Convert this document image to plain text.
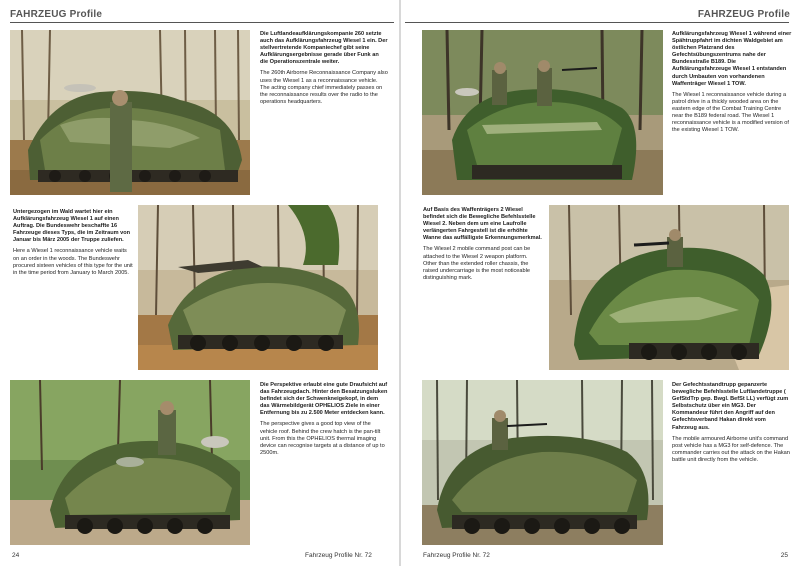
FAHRZEUG Profile

Die Luftlandeaufklärungskompanie 260 setzte auch das Aufklärungsfahrzeug Wiesel 1 ein. Der stellvertretende Kompaniechef gibt seine Aufklärungsergebnisse gerade über Funk an die Operationszentrale weiter.

The 260th Airborne Reconnaissance Company also uses the Wiesel 1 as a reconnaissance vehicle. The acting company chief immediately passes on the reconnaissance results over the radio to the operations headquarters.

Untergezogen im Wald wartet hier ein Aufklärungsfahrzeug Wiesel 1 auf einen Auftrag. Die Bundeswehr beschaffte 16 Fahrzeuge dieses Typs, die im Zeitraum von Januar bis März 2005 der Truppe zuliefen.

Here a Wiesel 1 reconnaissance vehicle waits on an order in the woods. The Bundeswehr procured sixteen vehicles of this type for the unit in the time period from January to March 2005.

Die Perspektive erlaubt eine gute Draufsicht auf das Fahrzeugdach. Hinter den Besatzungsluken befindet sich der Schwenkneigekopf, in dem das Wärmebildgerät OPHELIOS Ziele in einer Entfernung bis zu 2.500 Meter entdecken kann.

The perspective gives a good top view of the vehicle roof. Behind the crew hatch is the pan-tilt unit. From this the OPHELIOS thermal imaging device can recognise targets at a distance of up to 2500m.

24	Fahrzeug Profile Nr. 72
FAHRZEUG Profile

Aufklärungsfahrzeug Wiesel 1 während einer Spähtruppfahrt im dichten Waldgebiet am östlichen Platzrand des Gefechtsübungszentrums nahe der Bundesstraße B189. Die Aufklärungsfahrzeuge Wiesel 1 entstanden durch Umbauten von vorhandenen Waffenträger Wiesel 1 TOW.

The Wiesel 1 reconnaissance vehicle during a patrol drive in a thickly wooded area on the eastern edge of the Combat Training Centre near the B189 federal road. The Wiesel 1 reconnaissance vehicle is a modified version of the existing Wiesel 1 TOW.

Auf Basis des Waffenträgers 2 Wiesel befindet sich die Bewegliche Befehlsstelle Wiesel 2. Neben dem um eine Laufrolle verlängerten Fahrgestell ist die erhöhte Wanne das auffälligste Erkennungsmerkmal.

The Wiesel 2 mobile command post can be attached to the Wiesel 2 weapon platform. Other than the extended roller chassis, the raised undercarriage is the most noticeable distinguishing mark.

Der Gefechtsstandtrupp gepanzerte bewegliche Befehlsstelle Luftlandetruppe ( GefStdTrp gep. Bwgl. BefSt LL) verfügt zum Selbstschutz über ein MG3. Der Kommandeur führt den Angriff auf den Gefechtsverband Hakan direkt vom Fahrzeug aus.

The mobile armoured Airborne unit's command post vehicle has a MG3 for self-defence. The commander carries out the attack on the Hakan battle unit directly from the vehicle.

Fahrzeug Profile Nr. 72	25
